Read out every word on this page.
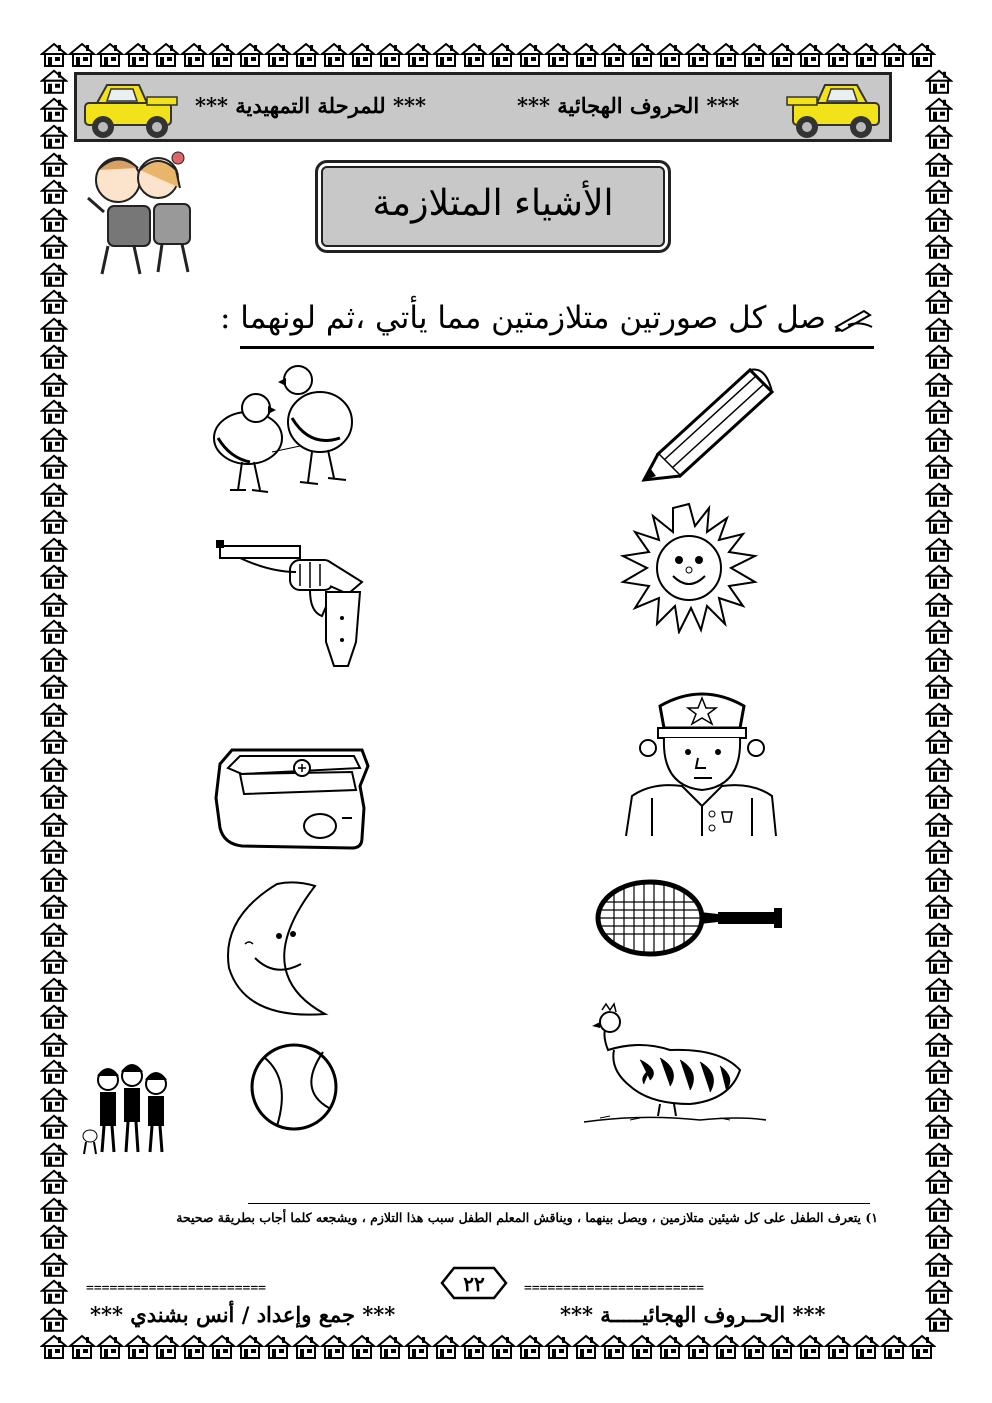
*** الحروف الهجائية ***
*** للمرحلة التمهيدية ***
الأشياء المتلازمة
صل كل صورتين متلازمتين مما يأتي ،ثم لونهما :
١) يتعرف الطفل على كل شيئين متلازمين ، ويصل بينهما ، ويناقش المعلم الطفل سبب هذا التلازم ، ويشجعه كلما أجاب بطريقة صحيحة
=======================	=======================
٢٢
*** الحــروف الهجائيـــــة ***
*** جمع وإعداد / أنس بشندي ***
